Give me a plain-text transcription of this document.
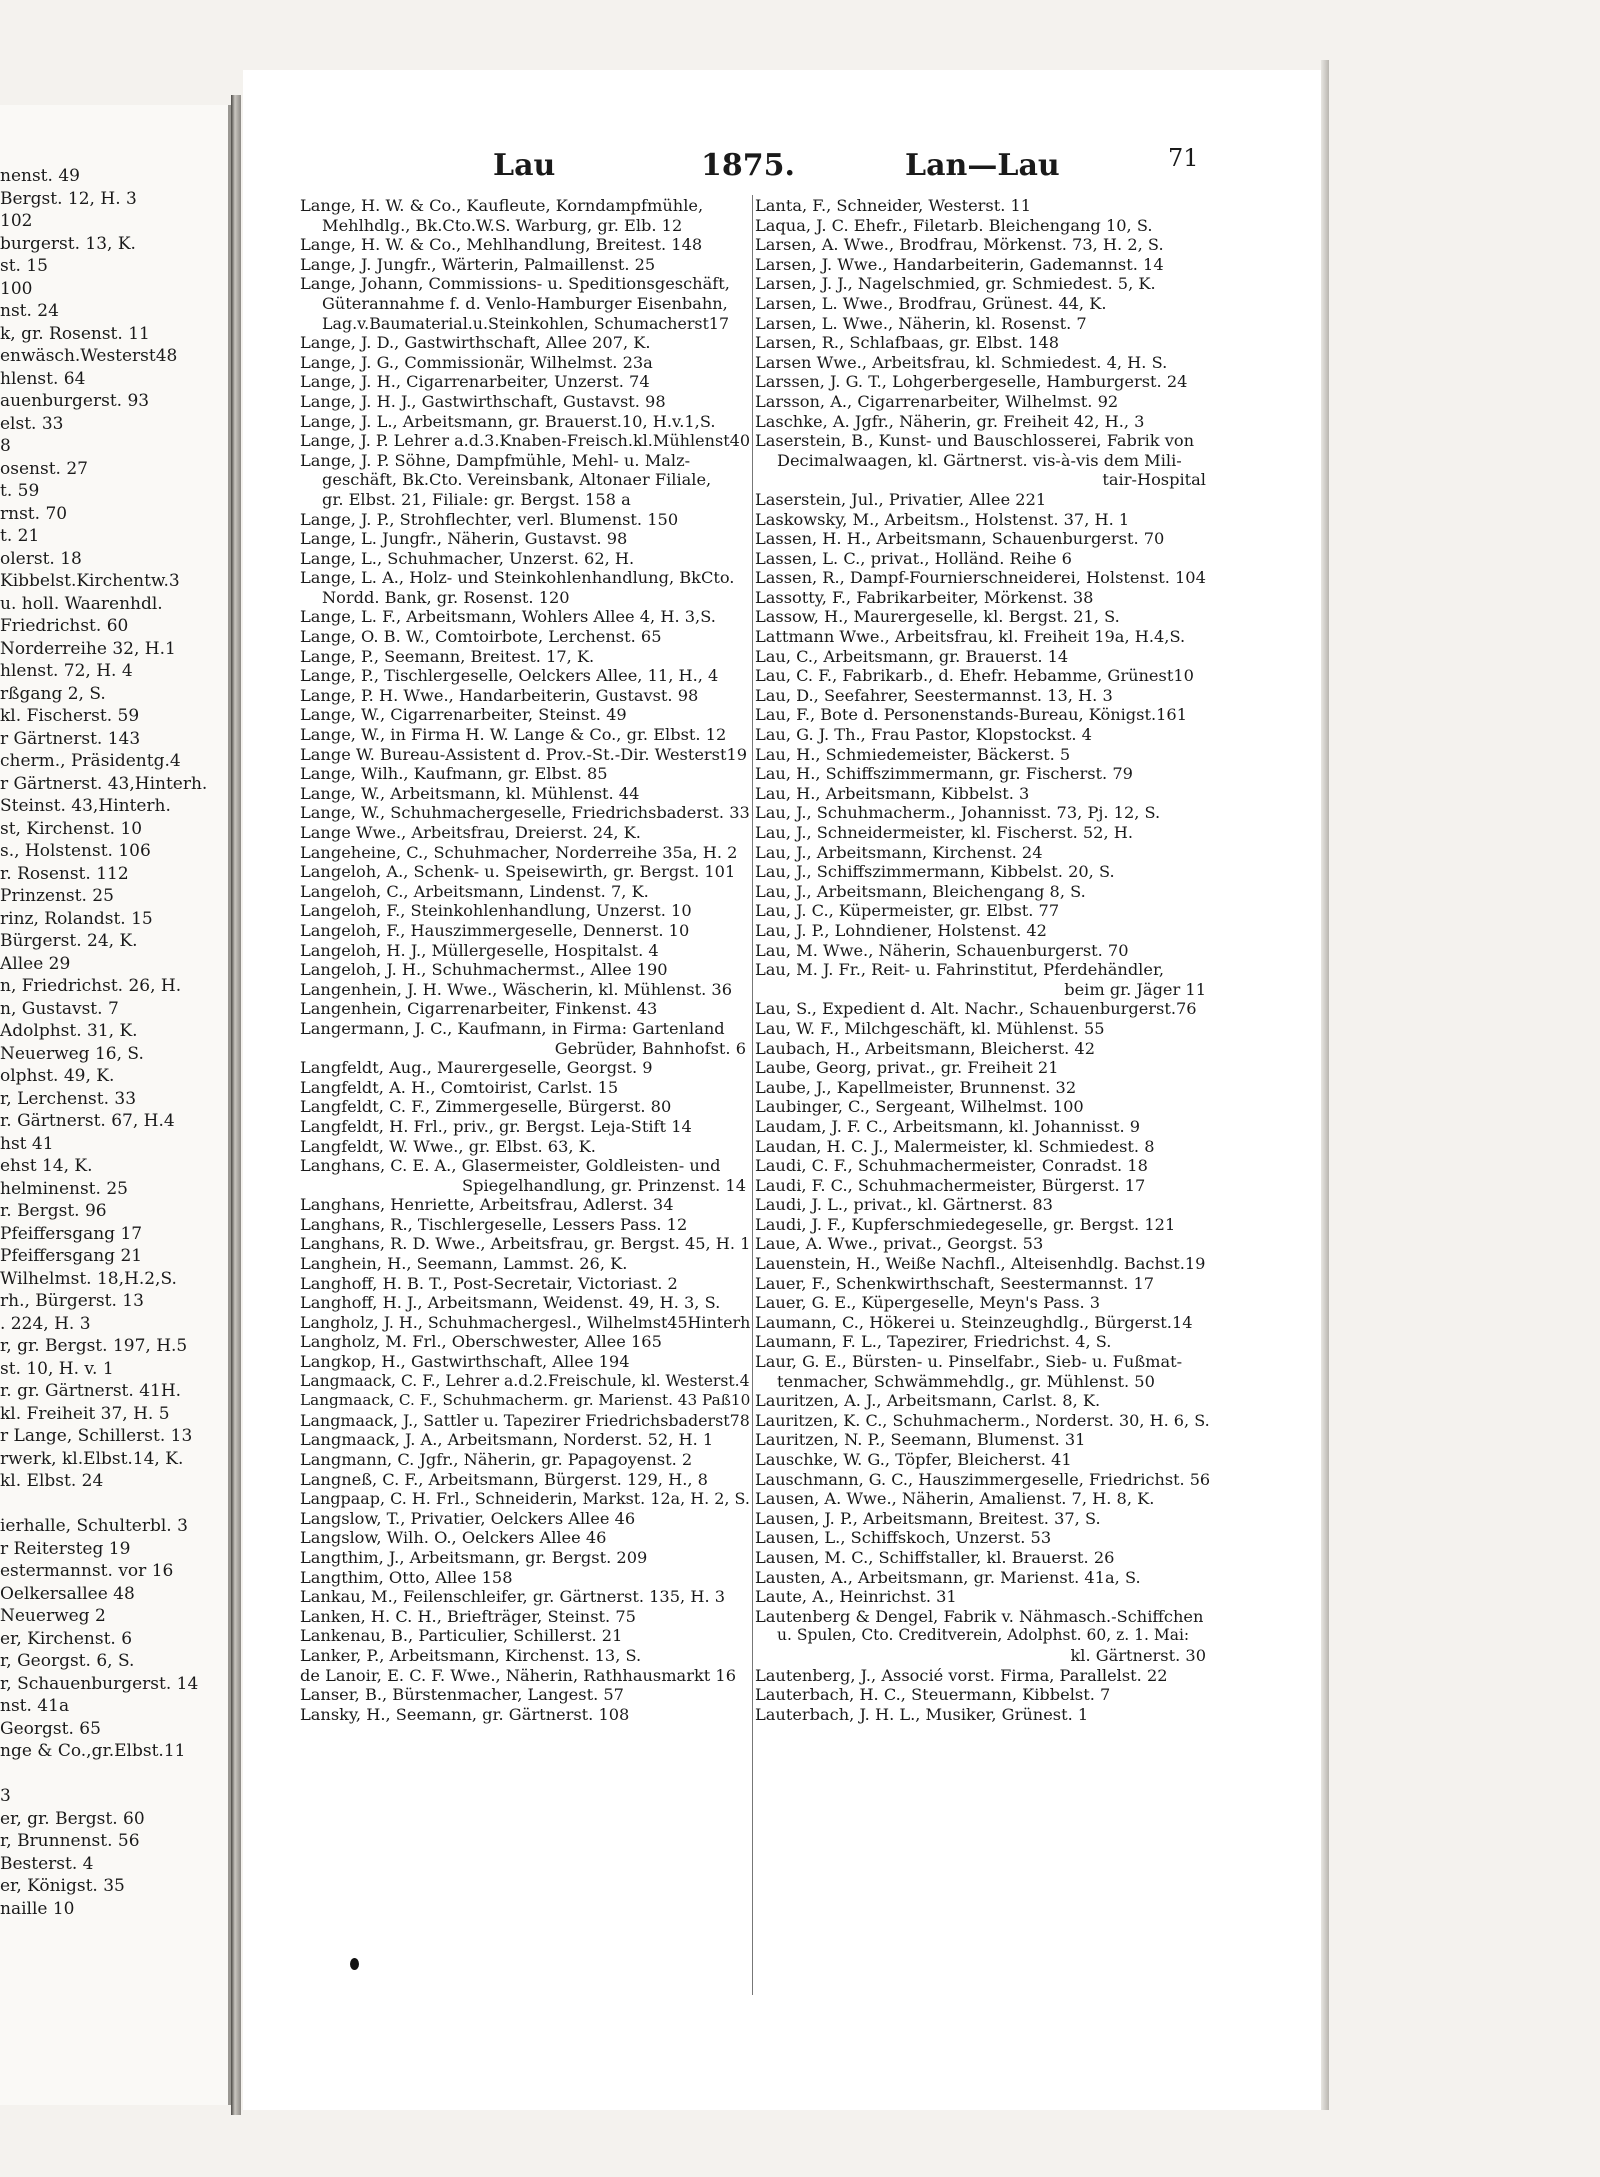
nenst. 49
Bergst. 12, H. 3
102
burgerst. 13, K.
st. 15
100
nst. 24
k, gr. Rosenst. 11
enwäsch.Westerst48
hlenst. 64
auenburgerst. 93
elst. 33
8
osenst. 27
t. 59
rnst. 70
t. 21
olerst. 18
Kibbelst.Kirchentw.3
u. holl. Waarenhdl.
Friedrichst. 60
Norderreihe 32, H.1
hlenst. 72, H. 4
rßgang 2, S.
kl. Fischerst. 59
r Gärtnerst. 143
cherm., Präsidentg.4
r Gärtnerst. 43,Hinterh.
Steinst. 43,Hinterh.
st, Kirchenst. 10
s., Holstenst. 106
r. Rosenst. 112
Prinzenst. 25
rinz, Rolandst. 15
Bürgerst. 24, K.
Allee 29
n, Friedrichst. 26, H.
n, Gustavst. 7
Adolphst. 31, K.
Neuerweg 16, S.
olphst. 49, K.
r, Lerchenst. 33
r. Gärtnerst. 67, H.4
hst 41
ehst 14, K.
helminenst. 25
r. Bergst. 96
Pfeiffersgang 17
Pfeiffersgang 21
Wilhelmst. 18,H.2,S.
rh., Bürgerst. 13
. 224, H. 3
r, gr. Bergst. 197, H.5
st. 10, H. v. 1
r. gr. Gärtnerst. 41H.
kl. Freiheit 37, H. 5
r Lange, Schillerst. 13
rwerk, kl.Elbst.14, K.
kl. Elbst. 24
ierhalle, Schulterbl. 3
r Reitersteg 19
estermannst. vor 16
Oelkersallee 48
Neuerweg 2
er, Kirchenst. 6
r, Georgst. 6, S.
r, Schauenburgerst. 14
nst. 41a
Georgst. 65
nge & Co.,gr.Elbst.11
3
er, gr. Bergst. 60
r, Brunnenst. 56
Besterst. 4
er, Königst. 35
naille 10
Lau	1875.	Lan—Lau	71
Lange, H. W. & Co., Kaufleute, Korndampfmühle,
Mehlhdlg., Bk.Cto.W.S. Warburg, gr. Elb. 12
Lange, H. W. & Co., Mehlhandlung, Breitest. 148
Lange, J. Jungfr., Wärterin, Palmaillenst. 25
Lange, Johann, Commissions- u. Speditionsgeschäft,
Güterannahme f. d. Venlo-Hamburger Eisenbahn,
Lag.v.Baumaterial.u.Steinkohlen, Schumacherst17
Lange, J. D., Gastwirthschaft, Allee 207, K.
Lange, J. G., Commissionär, Wilhelmst. 23a
Lange, J. H., Cigarrenarbeiter, Unzerst. 74
Lange, J. H. J., Gastwirthschaft, Gustavst. 98
Lange, J. L., Arbeitsmann, gr. Brauerst.10, H.v.1,S.
Lange, J. P. Lehrer a.d.3.Knaben-Freisch.kl.Mühlenst40
Lange, J. P. Söhne, Dampfmühle, Mehl- u. Malz-
geschäft, Bk.Cto. Vereinsbank, Altonaer Filiale,
gr. Elbst. 21, Filiale: gr. Bergst. 158 a
Lange, J. P., Strohflechter, verl. Blumenst. 150
Lange, L. Jungfr., Näherin, Gustavst. 98
Lange, L., Schuhmacher, Unzerst. 62, H.
Lange, L. A., Holz- und Steinkohlenhandlung, BkCto.
Nordd. Bank, gr. Rosenst. 120
Lange, L. F., Arbeitsmann, Wohlers Allee 4, H. 3,S.
Lange, O. B. W., Comtoirbote, Lerchenst. 65
Lange, P., Seemann, Breitest. 17, K.
Lange, P., Tischlergeselle, Oelckers Allee, 11, H., 4
Lange, P. H. Wwe., Handarbeiterin, Gustavst. 98
Lange, W., Cigarrenarbeiter, Steinst. 49
Lange, W., in Firma H. W. Lange & Co., gr. Elbst. 12
Lange W. Bureau-Assistent d. Prov.-St.-Dir. Westerst19
Lange, Wilh., Kaufmann, gr. Elbst. 85
Lange, W., Arbeitsmann, kl. Mühlenst. 44
Lange, W., Schuhmachergeselle, Friedrichsbaderst. 33
Lange Wwe., Arbeitsfrau, Dreierst. 24, K.
Langeheine, C., Schuhmacher, Norderreihe 35a, H. 2
Langeloh, A., Schenk- u. Speisewirth, gr. Bergst. 101
Langeloh, C., Arbeitsmann, Lindenst. 7, K.
Langeloh, F., Steinkohlenhandlung, Unzerst. 10
Langeloh, F., Hauszimmergeselle, Dennerst. 10
Langeloh, H. J., Müllergeselle, Hospitalst. 4
Langeloh, J. H., Schuhmachermst., Allee 190
Langenhein, J. H. Wwe., Wäscherin, kl. Mühlenst. 36
Langenhein, Cigarrenarbeiter, Finkenst. 43
Langermann, J. C., Kaufmann, in Firma: Gartenland
Gebrüder, Bahnhofst. 6
Langfeldt, Aug., Maurergeselle, Georgst. 9
Langfeldt, A. H., Comtoirist, Carlst. 15
Langfeldt, C. F., Zimmergeselle, Bürgerst. 80
Langfeldt, H. Frl., priv., gr. Bergst. Leja-Stift 14
Langfeldt, W. Wwe., gr. Elbst. 63, K.
Langhans, C. E. A., Glasermeister, Goldleisten- und
Spiegelhandlung, gr. Prinzenst. 14
Langhans, Henriette, Arbeitsfrau, Adlerst. 34
Langhans, R., Tischlergeselle, Lessers Pass. 12
Langhans, R. D. Wwe., Arbeitsfrau, gr. Bergst. 45, H. 1
Langhein, H., Seemann, Lammst. 26, K.
Langhoff, H. B. T., Post-Secretair, Victoriast. 2
Langhoff, H. J., Arbeitsmann, Weidenst. 49, H. 3, S.
Langholz, J. H., Schuhmachergesl., Wilhelmst45Hinterh
Langholz, M. Frl., Oberschwester, Allee 165
Langkop, H., Gastwirthschaft, Allee 194
Langmaack, C. F., Lehrer a.d.2.Freischule, kl. Westerst.4
Langmaack, C. F., Schuhmacherm. gr. Marienst. 43 Paß10
Langmaack, J., Sattler u. Tapezirer Friedrichsbaderst78
Langmaack, J. A., Arbeitsmann, Norderst. 52, H. 1
Langmann, C. Jgfr., Näherin, gr. Papagoyenst. 2
Langneß, C. F., Arbeitsmann, Bürgerst. 129, H., 8
Langpaap, C. H. Frl., Schneiderin, Markst. 12a, H. 2, S.
Langslow, T., Privatier, Oelckers Allee 46
Langslow, Wilh. O., Oelckers Allee 46
Langthim, J., Arbeitsmann, gr. Bergst. 209
Langthim, Otto, Allee 158
Lankau, M., Feilenschleifer, gr. Gärtnerst. 135, H. 3
Lanken, H. C. H., Briefträger, Steinst. 75
Lankenau, B., Particulier, Schillerst. 21
Lanker, P., Arbeitsmann, Kirchenst. 13, S.
de Lanoir, E. C. F. Wwe., Näherin, Rathhausmarkt 16
Lanser, B., Bürstenmacher, Langest. 57
Lansky, H., Seemann, gr. Gärtnerst. 108
Lanta, F., Schneider, Westerst. 11
Laqua, J. C. Ehefr., Filetarb. Bleichengang 10, S.
Larsen, A. Wwe., Brodfrau, Mörkenst. 73, H. 2, S.
Larsen, J. Wwe., Handarbeiterin, Gademannst. 14
Larsen, J. J., Nagelschmied, gr. Schmiedest. 5, K.
Larsen, L. Wwe., Brodfrau, Grünest. 44, K.
Larsen, L. Wwe., Näherin, kl. Rosenst. 7
Larsen, R., Schlafbaas, gr. Elbst. 148
Larsen Wwe., Arbeitsfrau, kl. Schmiedest. 4, H. S.
Larssen, J. G. T., Lohgerbergeselle, Hamburgerst. 24
Larsson, A., Cigarrenarbeiter, Wilhelmst. 92
Laschke, A. Jgfr., Näherin, gr. Freiheit 42, H., 3
Laserstein, B., Kunst- und Bauschlosserei, Fabrik von
Decimalwaagen, kl. Gärtnerst. vis-à-vis dem Mili-
tair-Hospital
Laserstein, Jul., Privatier, Allee 221
Laskowsky, M., Arbeitsm., Holstenst. 37, H. 1
Lassen, H. H., Arbeitsmann, Schauenburgerst. 70
Lassen, L. C., privat., Holländ. Reihe 6
Lassen, R., Dampf-Fournierschneiderei, Holstenst. 104
Lassotty, F., Fabrikarbeiter, Mörkenst. 38
Lassow, H., Maurergeselle, kl. Bergst. 21, S.
Lattmann Wwe., Arbeitsfrau, kl. Freiheit 19a, H.4,S.
Lau, C., Arbeitsmann, gr. Brauerst. 14
Lau, C. F., Fabrikarb., d. Ehefr. Hebamme, Grünest10
Lau, D., Seefahrer, Seestermannst. 13, H. 3
Lau, F., Bote d. Personenstands-Bureau, Königst.161
Lau, G. J. Th., Frau Pastor, Klopstockst. 4
Lau, H., Schmiedemeister, Bäckerst. 5
Lau, H., Schiffszimmermann, gr. Fischerst. 79
Lau, H., Arbeitsmann, Kibbelst. 3
Lau, J., Schuhmacherm., Johannisst. 73, Pj. 12, S.
Lau, J., Schneidermeister, kl. Fischerst. 52, H.
Lau, J., Arbeitsmann, Kirchenst. 24
Lau, J., Schiffszimmermann, Kibbelst. 20, S.
Lau, J., Arbeitsmann, Bleichengang 8, S.
Lau, J. C., Küpermeister, gr. Elbst. 77
Lau, J. P., Lohndiener, Holstenst. 42
Lau, M. Wwe., Näherin, Schauenburgerst. 70
Lau, M. J. Fr., Reit- u. Fahrinstitut, Pferdehändler,
beim gr. Jäger 11
Lau, S., Expedient d. Alt. Nachr., Schauenburgerst.76
Lau, W. F., Milchgeschäft, kl. Mühlenst. 55
Laubach, H., Arbeitsmann, Bleicherst. 42
Laube, Georg, privat., gr. Freiheit 21
Laube, J., Kapellmeister, Brunnenst. 32
Laubinger, C., Sergeant, Wilhelmst. 100
Laudam, J. F. C., Arbeitsmann, kl. Johannisst. 9
Laudan, H. C. J., Malermeister, kl. Schmiedest. 8
Laudi, C. F., Schuhmachermeister, Conradst. 18
Laudi, F. C., Schuhmachermeister, Bürgerst. 17
Laudi, J. L., privat., kl. Gärtnerst. 83
Laudi, J. F., Kupferschmiedegeselle, gr. Bergst. 121
Laue, A. Wwe., privat., Georgst. 53
Lauenstein, H., Weiße Nachfl., Alteisenhdlg. Bachst.19
Lauer, F., Schenkwirthschaft, Seestermannst. 17
Lauer, G. E., Küpergeselle, Meyn's Pass. 3
Laumann, C., Hökerei u. Steinzeughdlg., Bürgerst.14
Laumann, F. L., Tapezirer, Friedrichst. 4, S.
Laur, G. E., Bürsten- u. Pinselfabr., Sieb- u. Fußmat-
tenmacher, Schwämmehdlg., gr. Mühlenst. 50
Lauritzen, A. J., Arbeitsmann, Carlst. 8, K.
Lauritzen, K. C., Schuhmacherm., Norderst. 30, H. 6, S.
Lauritzen, N. P., Seemann, Blumenst. 31
Lauschke, W. G., Töpfer, Bleicherst. 41
Lauschmann, G. C., Hauszimmergeselle, Friedrichst. 56
Lausen, A. Wwe., Näherin, Amalienst. 7, H. 8, K.
Lausen, J. P., Arbeitsmann, Breitest. 37, S.
Lausen, L., Schiffskoch, Unzerst. 53
Lausen, M. C., Schiffstaller, kl. Brauerst. 26
Lausten, A., Arbeitsmann, gr. Marienst. 41a, S.
Laute, A., Heinrichst. 31
Lautenberg & Dengel, Fabrik v. Nähmasch.-Schiffchen
u. Spulen, Cto. Creditverein, Adolphst. 60, z. 1. Mai:
kl. Gärtnerst. 30
Lautenberg, J., Associé vorst. Firma, Parallelst. 22
Lauterbach, H. C., Steuermann, Kibbelst. 7
Lauterbach, J. H. L., Musiker, Grünest. 1
